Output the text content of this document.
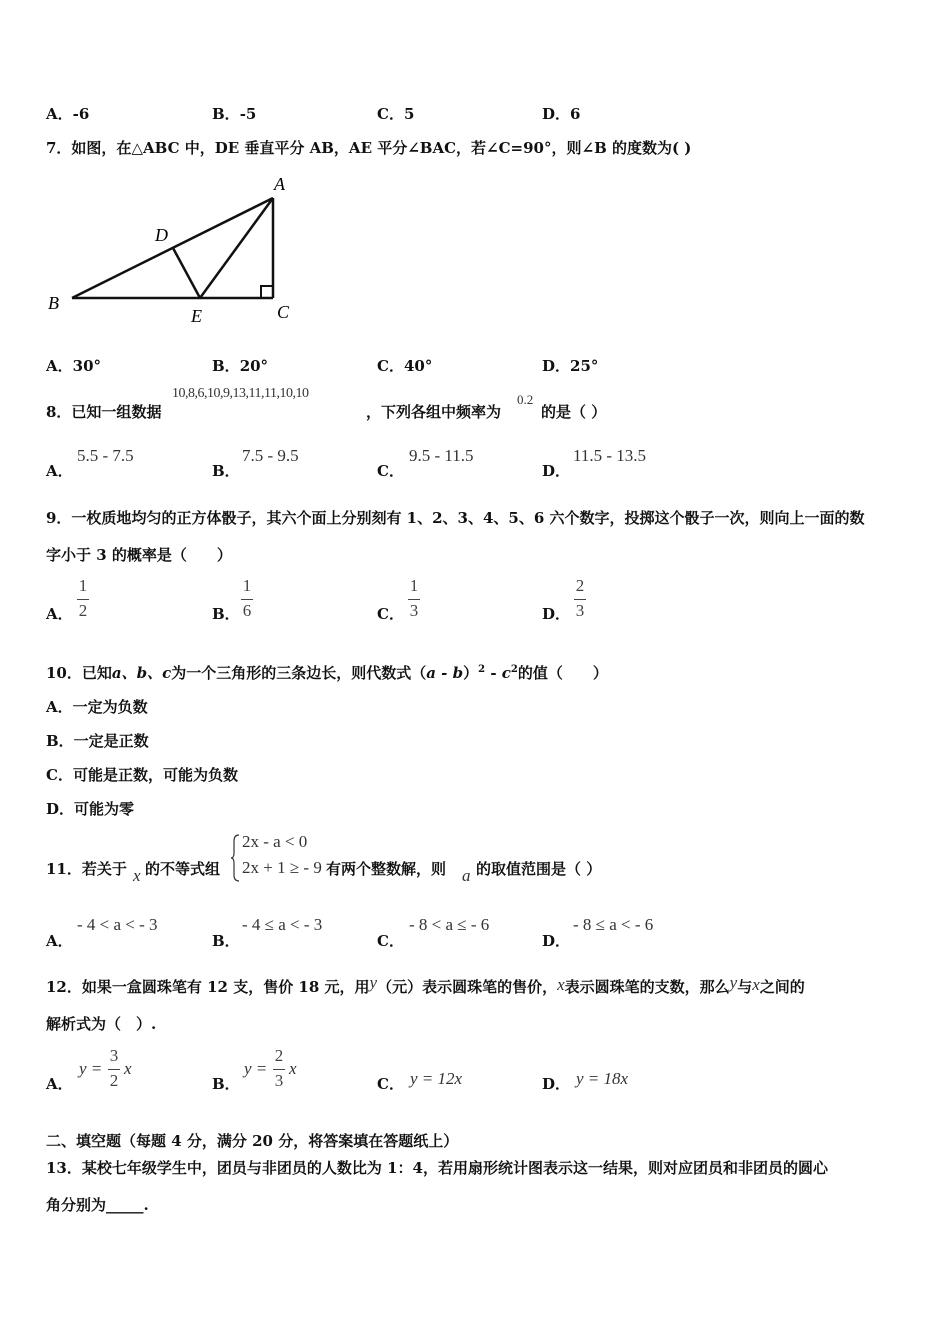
A．-6	B．-5	C．5	D．6
7．如图，在△ABC 中，DE 垂直平分 AB，AE 平分∠BAC，若∠C=90°，则∠B 的度数为( )
A
B	C
D
E
A．30°	B．20°	C．40°	D．25°
8．已知一组数据
10,8,6,10,9,13,11,11,10,10
，下列各组中频率为
0.2
的是（ ）
A．
5.5 - 7.5
B．
7.5 - 9.5
C．
9.5 - 11.5
D．
11.5 - 13.5
9．一枚质地均匀的正方体骰子，其六个面上分别刻有 1、2、3、4、5、6 六个数字，投掷这个骰子一次，则向上一面的数
字小于 3 的概率是（　　）
A．
1
2	B．
1
6	C．
1
3	D．
2
3
10．已知a、b、c为一个三角形的三条边长，则代数式$(a - b)^2 - c^2$的值（　　）
A．一定为负数
B．一定是正数
C．可能是正数，可能为负数
D．可能为零
11．若关于 x 的不等式组
2x - a < 0
2x + 1 ≥ - 9 有两个整数解，则 a 的取值范围是（ ）
A．
- 4 < a < - 3
B．
- 4 ≤ a < - 3
C．
- 8 < a ≤ - 6
D．
- 8 ≤ a < - 6
12．如果一盒圆珠笔有 12 支，售价 18 元，用y（元）表示圆珠笔的售价，x表示圆珠笔的支数，那么y与x之间的
解析式为（　）.
A．
y =
3
2
x
B．
y =
2
3
x
C． y = 12x	D． y = 18x
二、填空题（每题 4 分，满分 20 分，将答案填在答题纸上）
13．某校七年级学生中，团员与非团员的人数比为 1：4，若用扇形统计图表示这一结果，则对应团员和非团员的圆心
角分别为_____.
